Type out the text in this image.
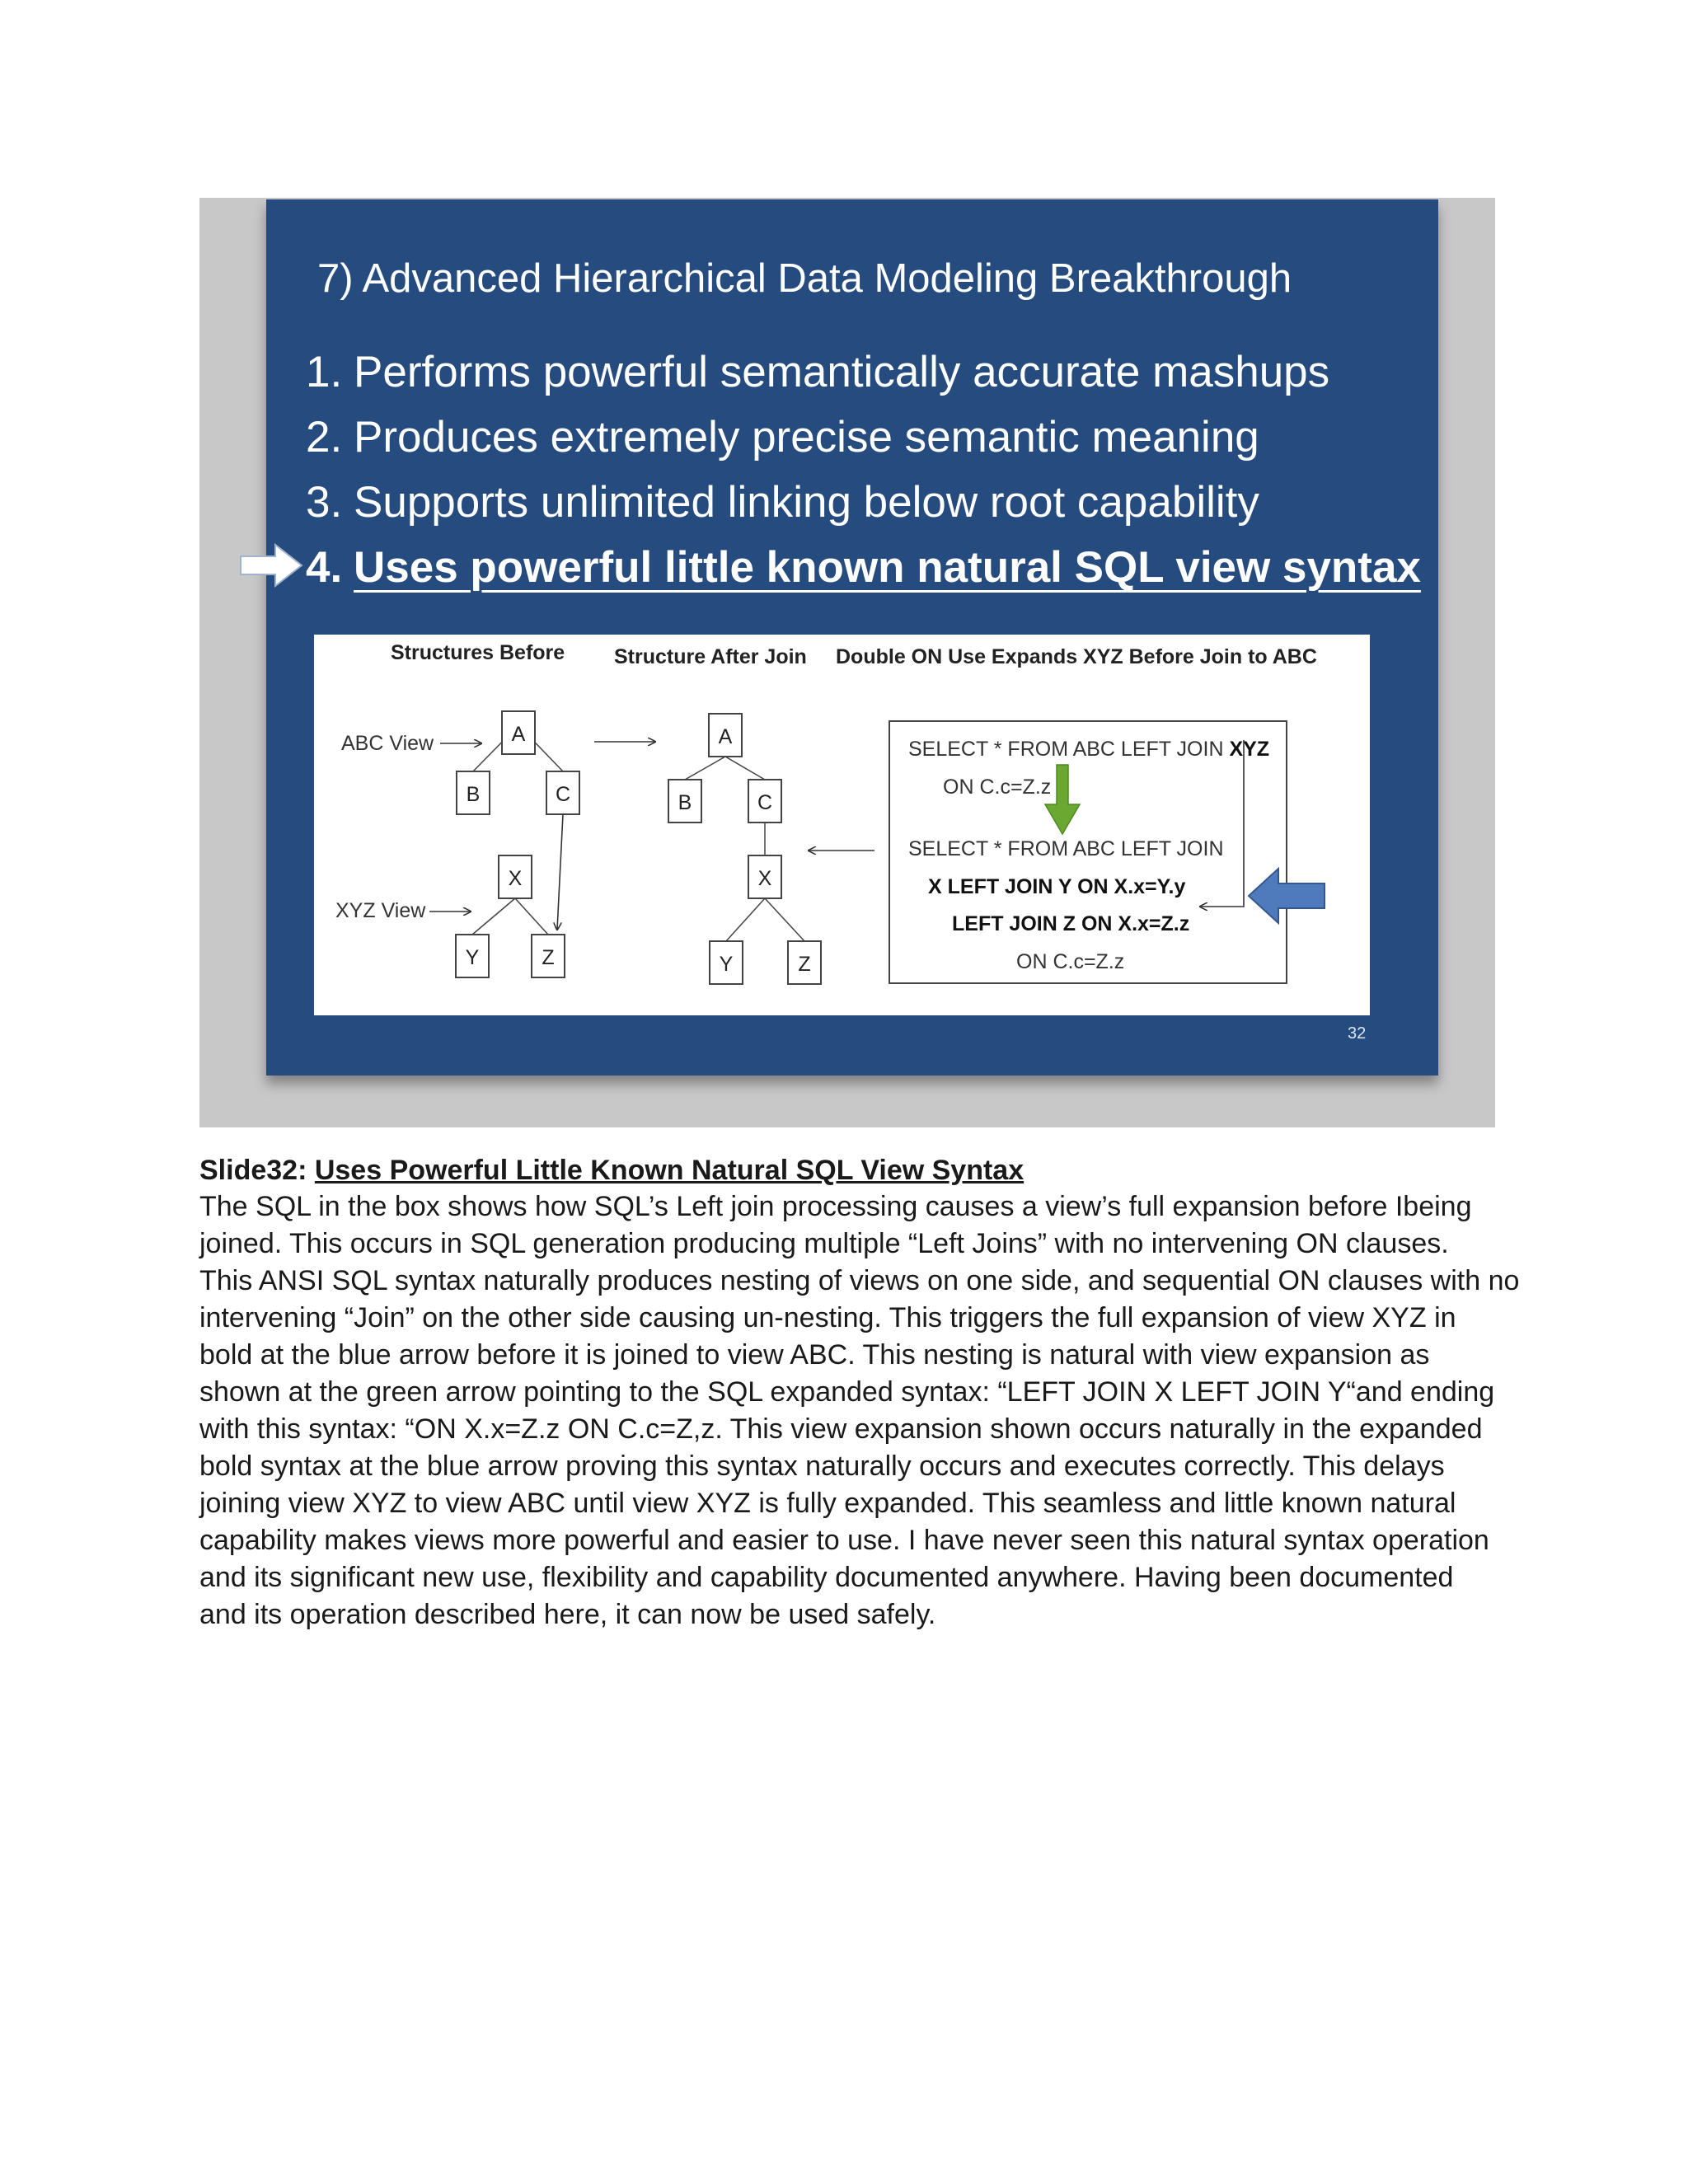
7) Advanced Hierarchical Data Modeling Breakthrough
1. Performs powerful semantically accurate mashups
2. Produces extremely precise semantic meaning
3. Supports unlimited linking below root capability
4. Uses powerful little known natural SQL view syntax
Structures Before Structure After Join Double ON Use Expands XYZ Before Join to ABC
ABC View	A
B	C
XYZ View
X
Y	Z
A
B	C
X
Y	Z
SELECT * FROM ABC LEFT JOIN XYZ
ON C.c=Z.z
SELECT * FROM ABC LEFT JOIN
X LEFT JOIN Y ON X.x=Y.y
LEFT JOIN Z ON X.x=Z.z
ON C.c=Z.z
32
Slide32: Uses Powerful Little Known Natural SQL View Syntax

The SQL in the box shows how SQL’s Left join processing causes a view’s full expansion before Ibeing

joined. This occurs in SQL generation producing multiple “Left Joins” with no intervening ON clauses.

This ANSI SQL syntax naturally produces nesting of views on one side, and sequential ON clauses with no

intervening “Join” on the other side causing un-nesting. This triggers the full expansion of view XYZ in

bold at the blue arrow before it is joined to view ABC. This nesting is natural with view expansion as

shown at the green arrow pointing to the SQL expanded syntax: “LEFT JOIN X LEFT JOIN Y“and ending

with this syntax: “ON X.x=Z.z ON C.c=Z,z. This view expansion shown occurs naturally in the expanded

bold syntax at the blue arrow proving this syntax naturally occurs and executes correctly. This delays

joining view XYZ to view ABC until view XYZ is fully expanded. This seamless and little known natural

capability makes views more powerful and easier to use. I have never seen this natural syntax operation

and its significant new use, flexibility and capability documented anywhere. Having been documented

and its operation described here, it can now be used safely.
